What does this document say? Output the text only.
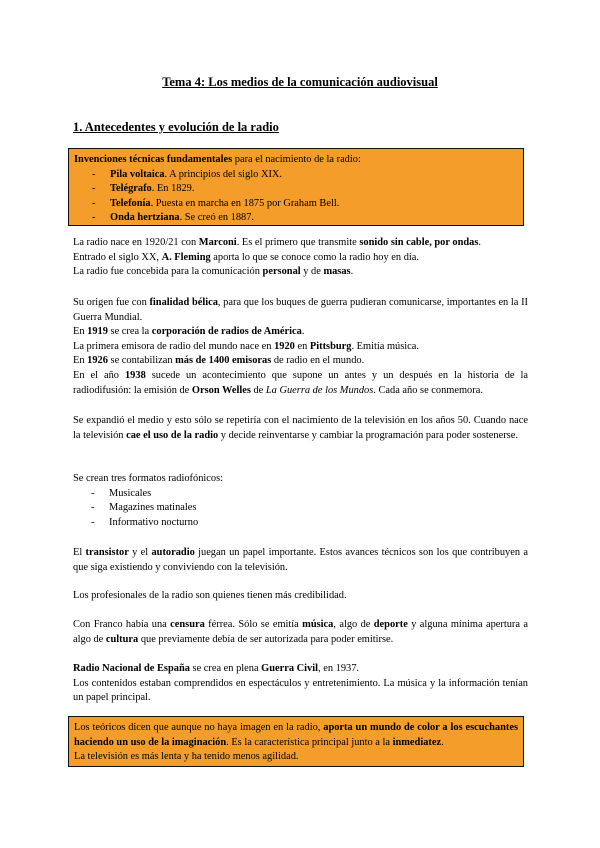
Tema 4: Los medios de la comunicación audiovisual
1. Antecedentes y evolución de la radio

Invenciones técnicas fundamentales para el nacimiento de la radio:

- Pila voltaica. A principios del siglo XIX.
- Telégrafo. En 1829.
- Telefonía. Puesta en marcha en 1875 por Graham Bell.
- Onda hertziana. Se creó en 1887.

La radio nace en 1920/21 con Marconi. Es el primero que transmite sonido sin cable, por ondas.

Entrado el siglo XX, A. Fleming aporta lo que se conoce como la radio hoy en día.

La radio fue concebida para la comunicación personal y de masas.

Su origen fue con finalidad bélica, para que los buques de guerra pudieran comunicarse, importantes en la II Guerra Mundial.

En 1919 se crea la corporación de radios de América.

La primera emisora de radio del mundo nace en 1920 en Pittsburg. Emitía música.

En 1926 se contabilizan más de 1400 emisoras de radio en el mundo.

En el año 1938 sucede un acontecimiento que supone un antes y un después en la historia de la radiodifusión: la emisión de Orson Welles de La Guerra de los Mundos. Cada año se conmemora.

Se expandió el medio y esto sólo se repetiría con el nacimiento de la televisión en los años 50. Cuando nace la televisión cae el uso de la radio y decide reinventarse y cambiar la programación para poder sostenerse.

Se crean tres formatos radiofónicos:

- Musicales
- Magazines matinales
- Informativo nocturno

El transistor y el autoradio juegan un papel importante. Estos avances técnicos son los que contribuyen a que siga existiendo y conviviendo con la televisión.

Los profesionales de la radio son quienes tienen más credibilidad.

Con Franco había una censura férrea. Sólo se emitía música, algo de deporte y alguna mínima apertura a algo de cultura que previamente debía de ser autorizada para poder emitirse.

Radio Nacional de España se crea en plena Guerra Civil, en 1937.

Los contenidos estaban comprendidos en espectáculos y entretenimiento. La música y la información tenían un papel principal.

Los teóricos dicen que aunque no haya imagen en la radio, aporta un mundo de color a los escuchantes haciendo un uso de la imaginación. Es la característica principal junto a la inmediatez.

La televisión es más lenta y ha tenido menos agilidad.
